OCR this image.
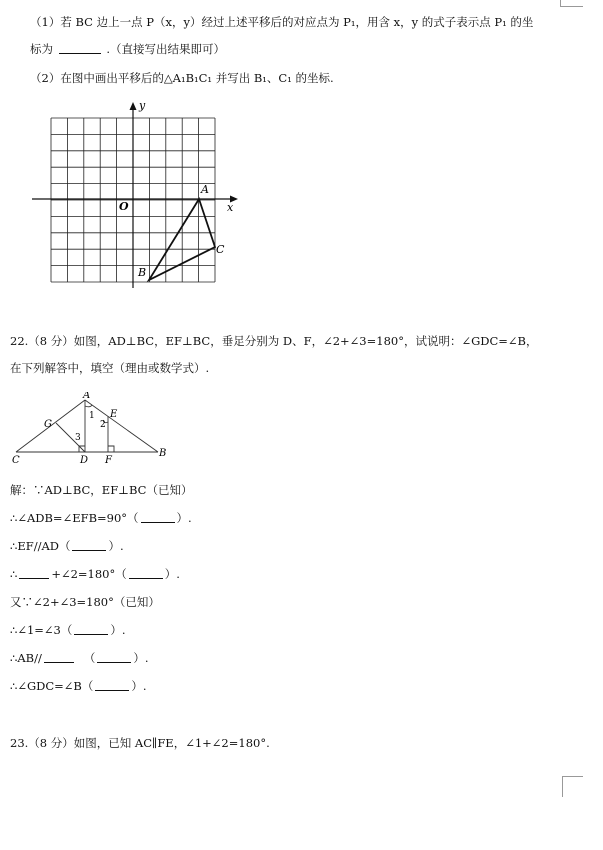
（1）若 BC 边上一点 P（x，y）经过上述平移后的对应点为 P₁，用含 x，y 的式子表示点 P₁ 的坐
标为	.（直接写出结果即可）
（2）在图中画出平移后的△A₁B₁C₁ 并写出 B₁、C₁ 的坐标.
y
x
O
A
B
C
22.（8 分）如图，AD⊥BC，EF⊥BC，垂足分别为 D、F，∠2+∠3=180°，试说明：∠GDC=∠B，
在下列解答中，填空（理由或数学式）.
A
E
G
C	D F
B
1
2
3
解：∵AD⊥BC，EF⊥BC（已知）
∴∠ADB=∠EFB=90°（	）.
∴EF//AD（	）.
∴	+∠2=180°（	）.
又∵∠2+∠3=180°（已知）
∴∠1=∠3（	）.
∴AB//	（	）.
∴∠GDC=∠B（	）.
23.（8 分）如图，已知 AC∥FE，∠1+∠2=180°.
